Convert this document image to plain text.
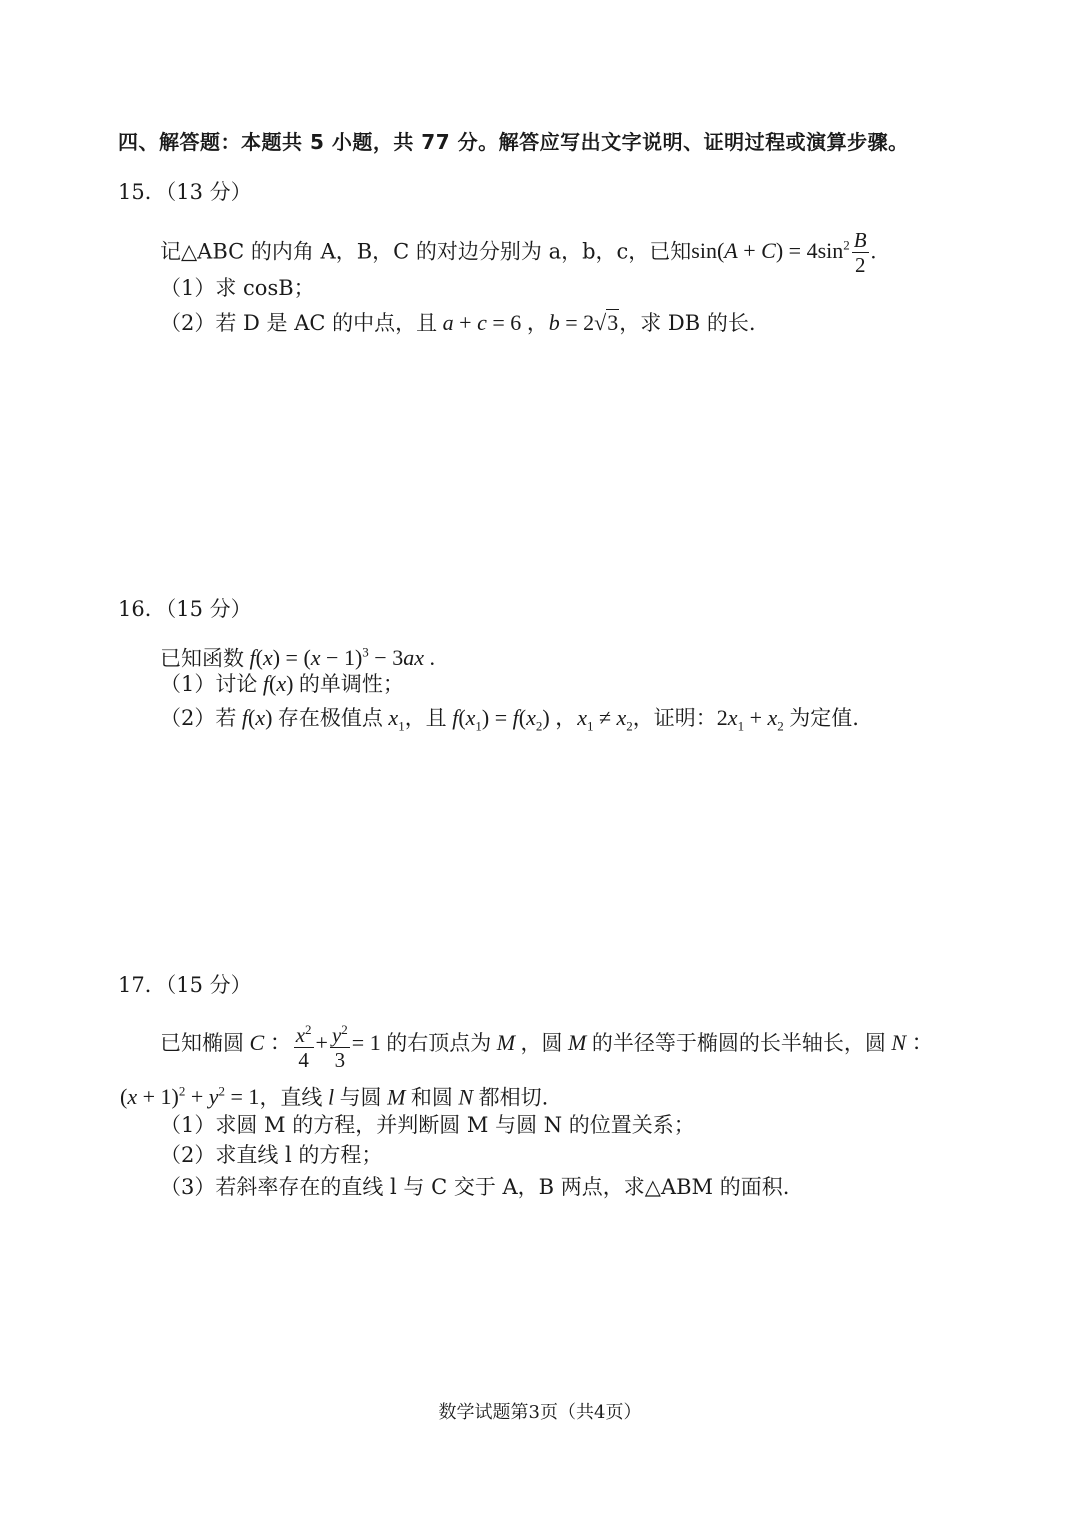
四、解答题：本题共 5 小题，共 77 分。解答应写出文字说明、证明过程或演算步骤。
15．（13 分）
记△ABC 的内角 A，B，C 的对边分别为 a，b，c，已知$\sin(A + C) = 4\sin^2 \frac{B}{2}$ .
（1）求 cosB；
（2）若 D 是 AC 的中点，且 a + c = 6 ，b = 2√3，求 DB 的长.
16．（15 分）
已知函数 $f(x) = (x - 1)^3 - 3ax$ .
（1）讨论 f(x) 的单调性；
（2）若 f(x) 存在极值点 $x_1$，且 $f(x_1) = f(x_2)$ ，$x_1 \ne x_2$，证明：$2x_1 + x_2$ 为定值.
17．（15 分）
已知椭圆 C ： $\frac{x^2}{4} + \frac{y^2}{3} = 1$ 的右顶点为 M ，圆 M 的半径等于椭圆的长半轴长，圆 N ：
$(x + 1)^2 + y^2 = 1$，直线 l 与圆 M 和圆 N 都相切.
（1）求圆 M 的方程，并判断圆 M 与圆 N 的位置关系；
（2）求直线 l 的方程；
（3）若斜率存在的直线 l 与 C 交于 A，B 两点，求△ABM 的面积.
数学试题第3页（共4页）
